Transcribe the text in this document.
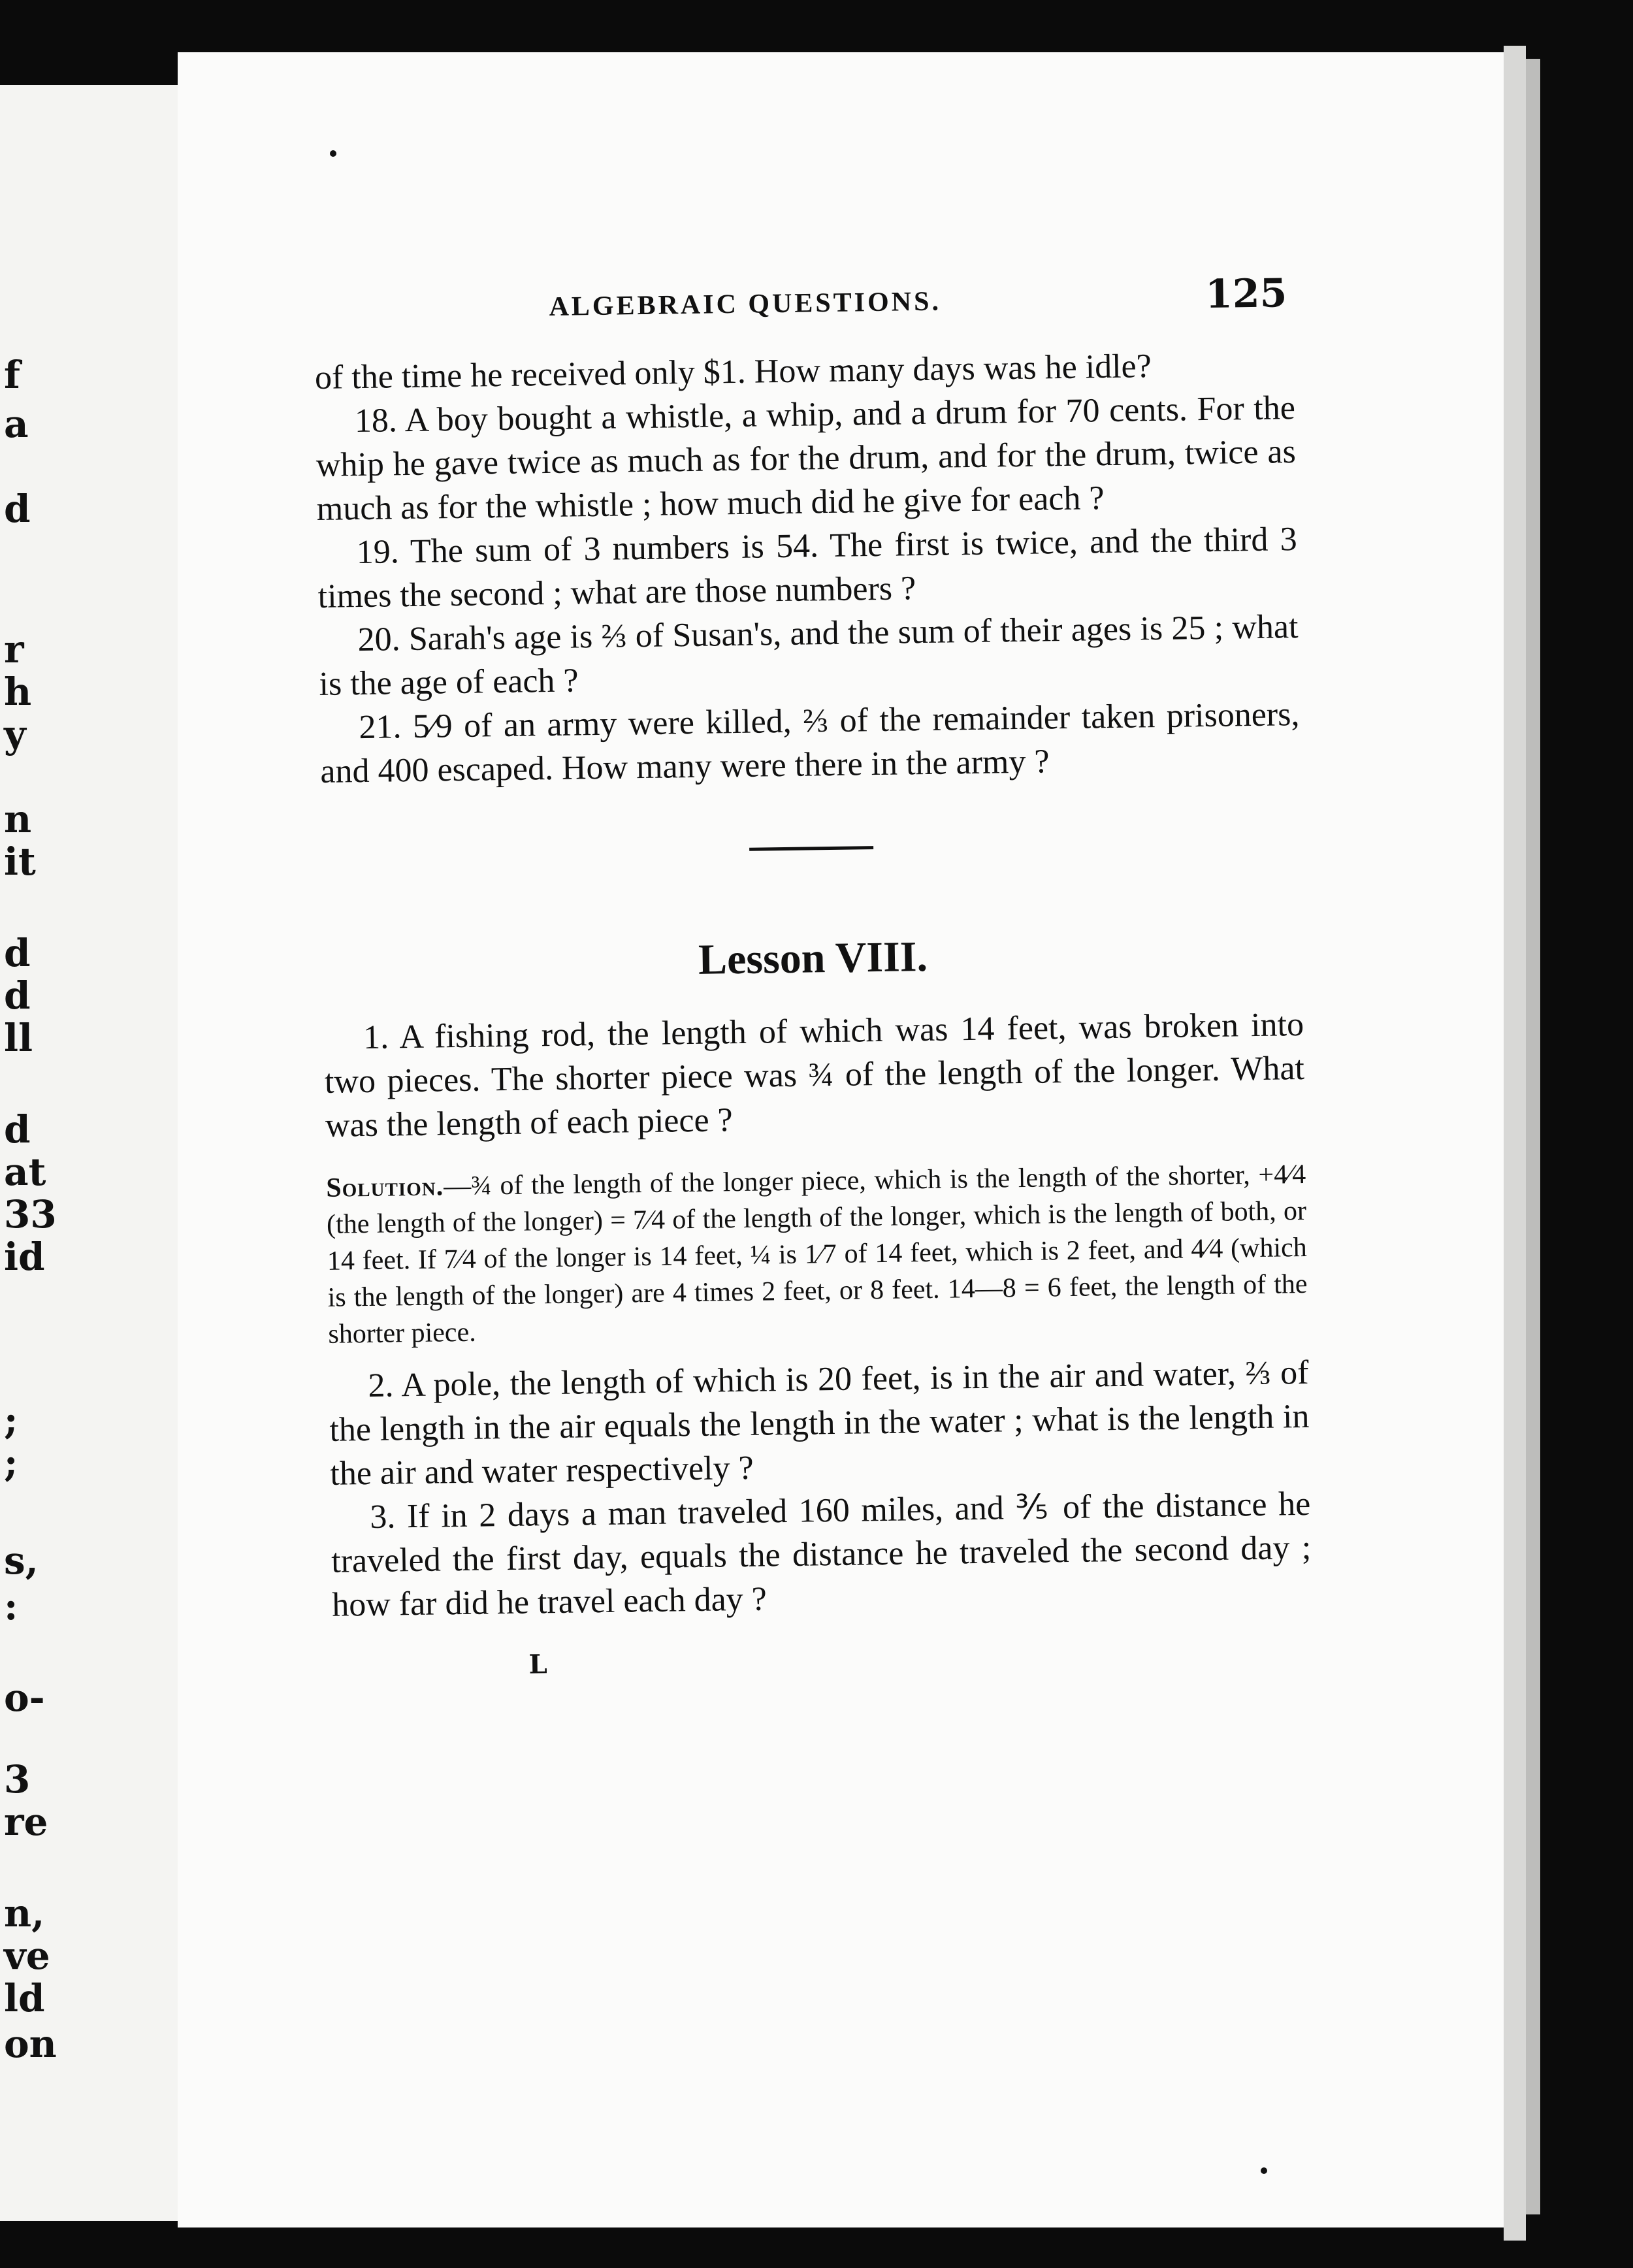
f
a
d
r
h
y
n
it
d
d
ll
d
at
33
id
;
;
s,
:
o-
3
re
n,
ve
ld
on
ALGEBRAIC QUESTIONS.	125

of the time he received only $1. How many days was he idle?

18. A boy bought a whistle, a whip, and a drum for 70 cents. For the whip he gave twice as much as for the drum, and for the drum, twice as much as for the whistle ; how much did he give for each ?

19. The sum of 3 numbers is 54. The first is twice, and the third 3 times the second ; what are those numbers ?

20. Sarah's age is ⅔ of Susan's, and the sum of their ages is 25 ; what is the age of each ?

21. 5⁄9 of an army were killed, ⅔ of the remainder taken prisoners, and 400 escaped. How many were there in the army ?

Lesson VIII.

1. A fishing rod, the length of which was 14 feet, was broken into two pieces. The shorter piece was ¾ of the length of the longer. What was the length of each piece ?

Solution.—¾ of the length of the longer piece, which is the length of the shorter, +4⁄4 (the length of the longer) = 7⁄4 of the length of the longer, which is the length of both, or 14 feet. If 7⁄4 of the longer is 14 feet, ¼ is 1⁄7 of 14 feet, which is 2 feet, and 4⁄4 (which is the length of the longer) are 4 times 2 feet, or 8 feet. 14—8 = 6 feet, the length of the shorter piece.

2. A pole, the length of which is 20 feet, is in the air and water, ⅔ of the length in the air equals the length in the water ; what is the length in the air and water respectively ?

3. If in 2 days a man traveled 160 miles, and ⅗ of the distance he traveled the first day, equals the distance he traveled the second day ; how far did he travel each day ?

L
